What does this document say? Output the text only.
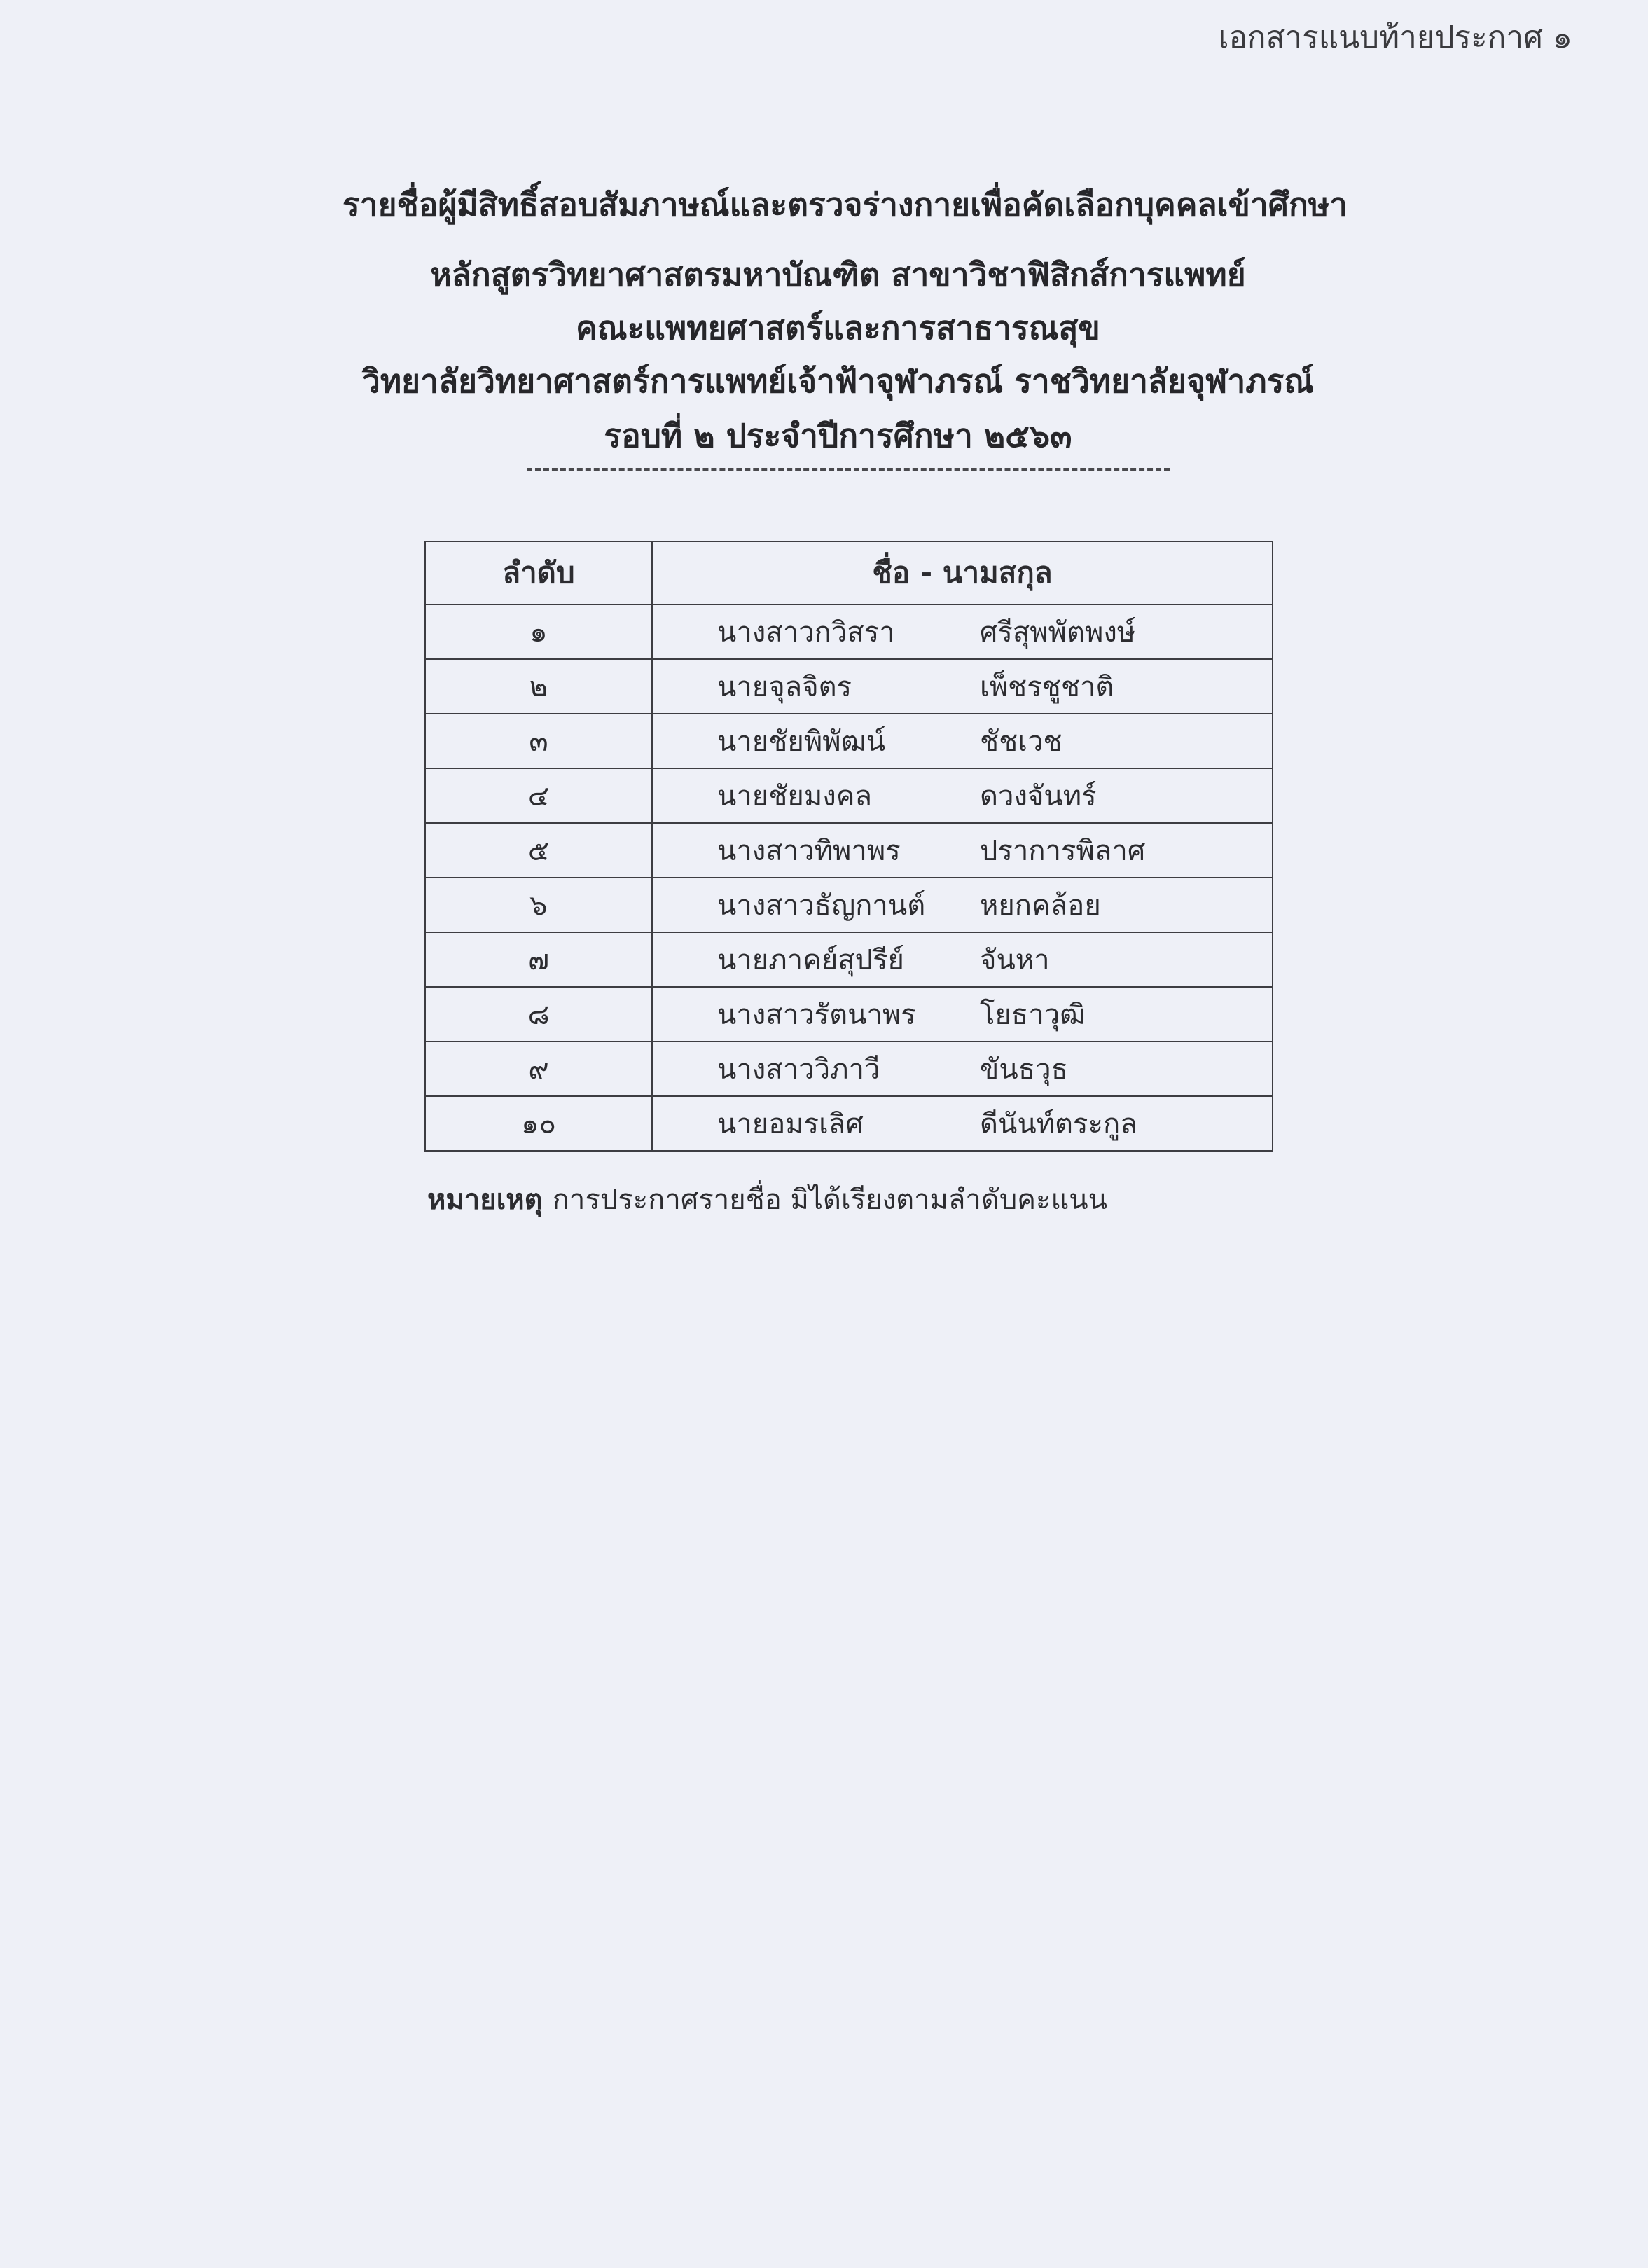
เอกสารแนบท้ายประกาศ ๑
รายชื่อผู้มีสิทธิ์สอบสัมภาษณ์และตรวจร่างกายเพื่อคัดเลือกบุคคลเข้าศึกษา
หลักสูตรวิทยาศาสตรมหาบัณฑิต สาขาวิชาฟิสิกส์การแพทย์
คณะแพทยศาสตร์และการสาธารณสุข
วิทยาลัยวิทยาศาสตร์การแพทย์เจ้าฟ้าจุฬาภรณ์ ราชวิทยาลัยจุฬาภรณ์
รอบที่ ๒ ประจำปีการศึกษา ๒๕๖๓
ลำดับ	ชื่อ - นามสกุล
๑	นางสาวกวิสรา ศรีสุพพัตพงษ์
๒	นายจุลจิตร เพ็ชรชูชาติ
๓	นายชัยพิพัฒน์ ชัชเวช
๔	นายชัยมงคล ดวงจันทร์
๕	นางสาวทิพาพร ปราการพิลาศ
๖	นางสาวธัญกานต์ หยกคล้อย
๗	นายภาคย์สุปรีย์ จันหา
๘	นางสาวรัตนาพร โยธาวุฒิ
๙	นางสาววิภาวี ขันธวุธ
๑๐	นายอมรเลิศ ดีนันท์ตระกูล
หมายเหตุ การประกาศรายชื่อ มิได้เรียงตามลำดับคะแนน
